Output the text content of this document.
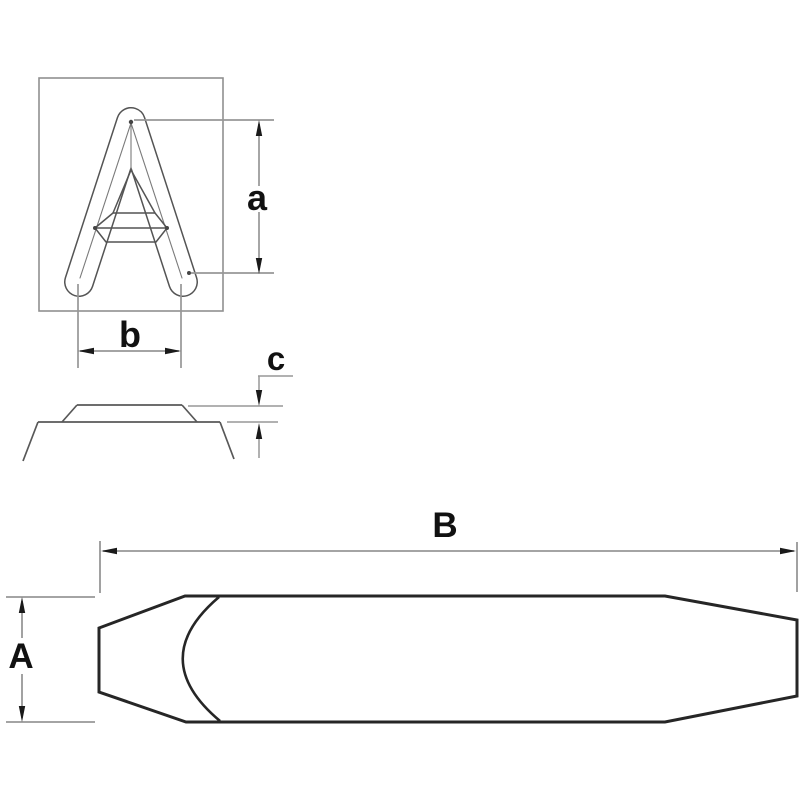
a
b
c
B
A
